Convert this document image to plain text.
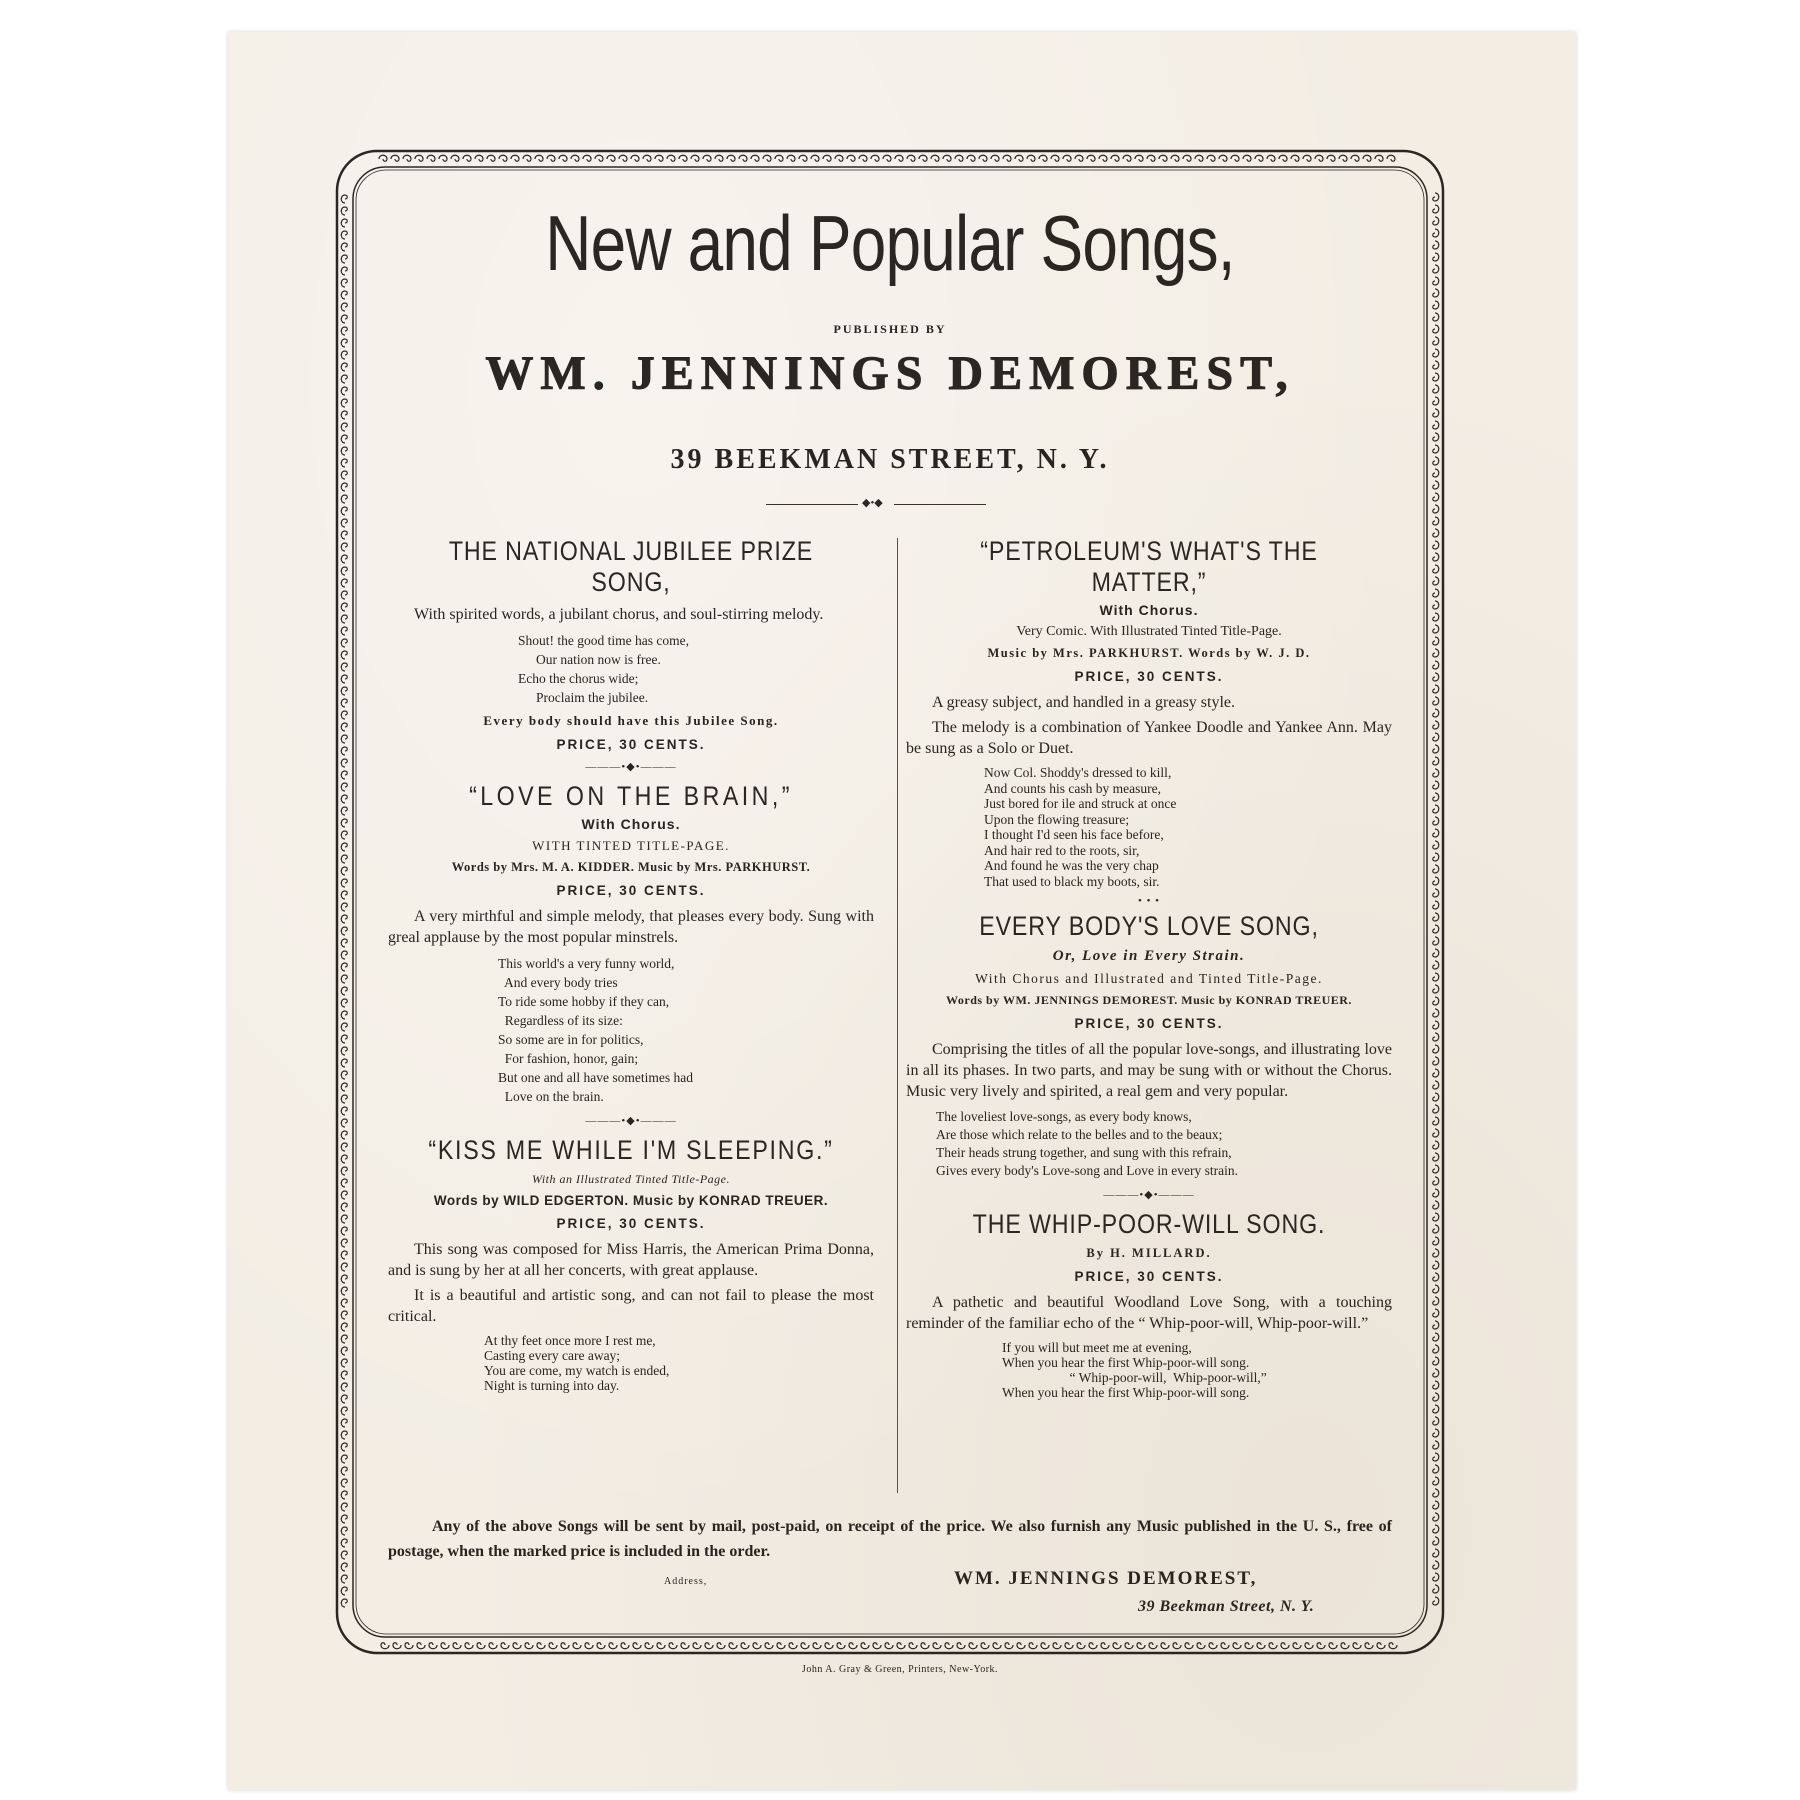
New and Popular Songs,
PUBLISHED BY
WM. JENNINGS DEMOREST,
39 BEEKMAN STREET, N. Y.
◆•◆

THE NATIONAL JUBILEE PRIZE SONG,

With spirited words, a jubilant chorus, and soul-stirring melody.

Shout! the good time has come,
Our nation now is free.
Echo the chorus wide;
Proclaim the jubilee.

Every body should have this Jubilee Song.

PRICE, 30 CENTS.

———•◆•———

“LOVE ON THE BRAIN,”

With Chorus.

WITH TINTED TITLE-PAGE.

Words by Mrs. M. A. KIDDER. Music by Mrs. PARKHURST.

PRICE, 30 CENTS.

A very mirthful and simple melody, that pleases every body. Sung with greal applause by the most popular minstrels.

This world's a very funny world,
And every body tries
To ride some hobby if they can,
Regardless of its size:
So some are in for politics,
For fashion, honor, gain;
But one and all have sometimes had
Love on the brain.
———•◆•———

“KISS ME WHILE I'M SLEEPING.”

With an Illustrated Tinted Title-Page.

Words by WILD EDGERTON. Music by KONRAD TREUER.

PRICE, 30 CENTS.

This song was composed for Miss Harris, the American Prima Donna, and is sung by her at all her concerts, with great applause.

It is a beautiful and artistic song, and can not fail to please the most critical.

At thy feet once more I rest me,
Casting every care away;
You are come, my watch is ended,
Night is turning into day.

“PETROLEUM'S WHAT'S THE MATTER,”

With Chorus.

Very Comic. With Illustrated Tinted Title-Page.

Music by Mrs. PARKHURST. Words by W. J. D.

PRICE, 30 CENTS.

A greasy subject, and handled in a greasy style.

The melody is a combination of Yankee Doodle and Yankee Ann. May be sung as a Solo or Duet.

Now Col. Shoddy's dressed to kill,
And counts his cash by measure,
Just bored for ile and struck at once
Upon the flowing treasure;
I thought I'd seen his face before,
And hair red to the roots, sir,
And found he was the very chap
That used to black my boots, sir.
• • •

EVERY BODY'S LOVE SONG,

Or, Love in Every Strain.

With Chorus and Illustrated and Tinted Title-Page.

Words by WM. JENNINGS DEMOREST. Music by KONRAD TREUER.

PRICE, 30 CENTS.

Comprising the titles of all the popular love-songs, and illustrating love in all its phases. In two parts, and may be sung with or without the Chorus. Music very lively and spirited, a real gem and very popular.

The loveliest love-songs, as every body knows,
Are those which relate to the belles and to the beaux;
Their heads strung together, and sung with this refrain,
Gives every body's Love-song and Love in every strain.
———•◆•———

THE WHIP-POOR-WILL SONG.

By H. MILLARD.

PRICE, 30 CENTS.

A pathetic and beautiful Woodland Love Song, with a touching reminder of the familiar echo of the “ Whip-poor-will, Whip-poor-will.”

If you will but meet me at evening,
When you hear the first Whip-poor-will song.
“ Whip-poor-will,  Whip-poor-will,”
When you hear the first Whip-poor-will song.
Any of the above Songs will be sent by mail, post-paid, on receipt of the price. We also furnish any Music published in the U. S., free of postage, when the marked price is included in the order.
Address,	WM. JENNINGS DEMOREST,
39 Beekman Street, N. Y.
John A. Gray & Green, Printers, New-York.
